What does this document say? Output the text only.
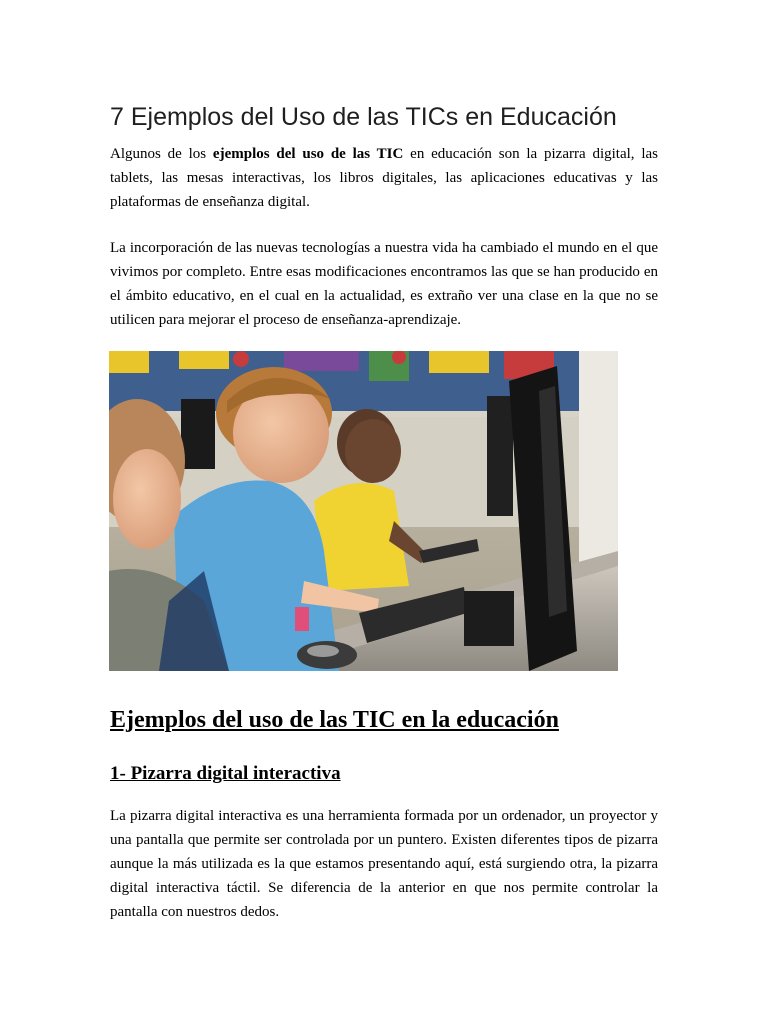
7 Ejemplos del Uso de las TICs en Educación

Algunos de los ejemplos del uso de las TIC en educación son la pizarra digital, las tablets, las mesas interactivas, los libros digitales, las aplicaciones educativas y las plataformas de enseñanza digital.

La incorporación de las nuevas tecnologías a nuestra vida ha cambiado el mundo en el que vivimos por completo. Entre esas modificaciones encontramos las que se han producido en el ámbito educativo, en el cual en la actualidad, es extraño ver una clase en la que no se utilicen para mejorar el proceso de enseñanza-aprendizaje.

Ejemplos del uso de las TIC en la educación
1- Pizarra digital interactiva

La pizarra digital interactiva es una herramienta formada por un ordenador, un proyector y una pantalla que permite ser controlada por un puntero. Existen diferentes tipos de pizarra aunque la más utilizada es la que estamos presentando aquí, está surgiendo otra, la pizarra digital interactiva táctil. Se diferencia de la anterior en que nos permite controlar la pantalla con nuestros dedos.
